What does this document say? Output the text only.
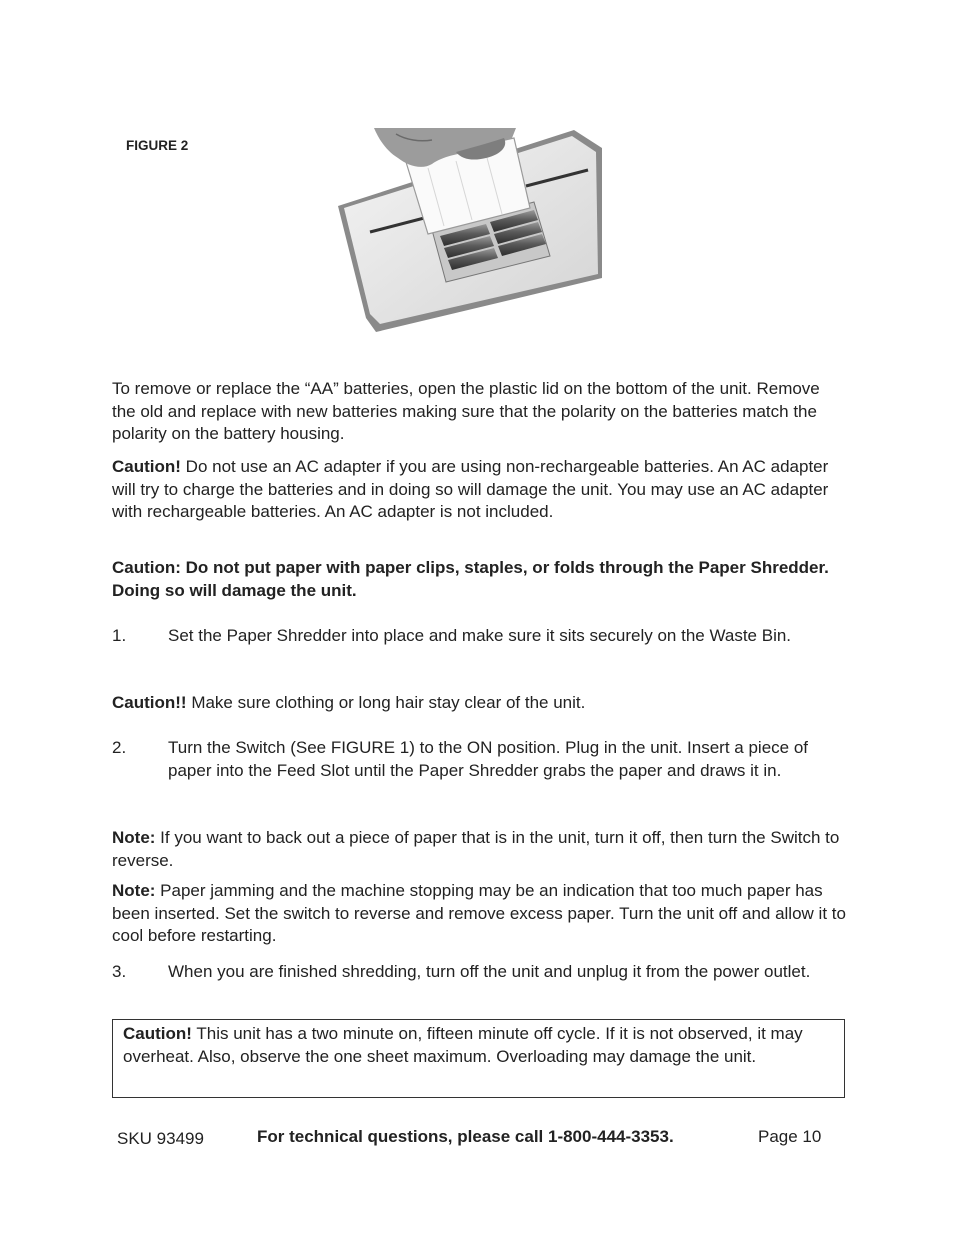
FIGURE 2

To remove or replace the “AA” batteries, open the plastic lid on the bottom of the unit. Remove the old and replace with new batteries making sure that the polarity on the batteries match the polarity on the battery housing.

Caution! Do not use an AC adapter if you are using non-rechargeable batteries. An AC adapter will try to charge the batteries and in doing so will damage the unit. You may use an AC adapter with rechargeable batteries. An AC adapter is not included.

Caution: Do not put paper with paper clips, staples, or folds through the Paper Shredder. Doing so will damage the unit.

1. Set the Paper Shredder into place and make sure it sits securely on the Waste Bin.

Caution!! Make sure clothing or long hair stay clear of the unit.

2. Turn the Switch (See FIGURE 1) to the ON position. Plug in the unit. Insert a piece of paper into the Feed Slot until the Paper Shredder grabs the paper and draws it in.

Note: If you want to back out a piece of paper that is in the unit, turn it off, then turn the Switch to reverse.

Note: Paper jamming and the machine stopping may be an indication that too much paper has been inserted. Set the switch to reverse and remove excess paper. Turn the unit off and allow it to cool before restarting.

3. When you are finished shredding, turn off the unit and unplug it from the power outlet.

Caution! This unit has a two minute on, fifteen minute off cycle. If it is not observed, it may overheat. Also, observe the one sheet maximum. Overloading may damage the unit.
SKU 93499	For technical questions, please call 1-800-444-3353.	Page 10
